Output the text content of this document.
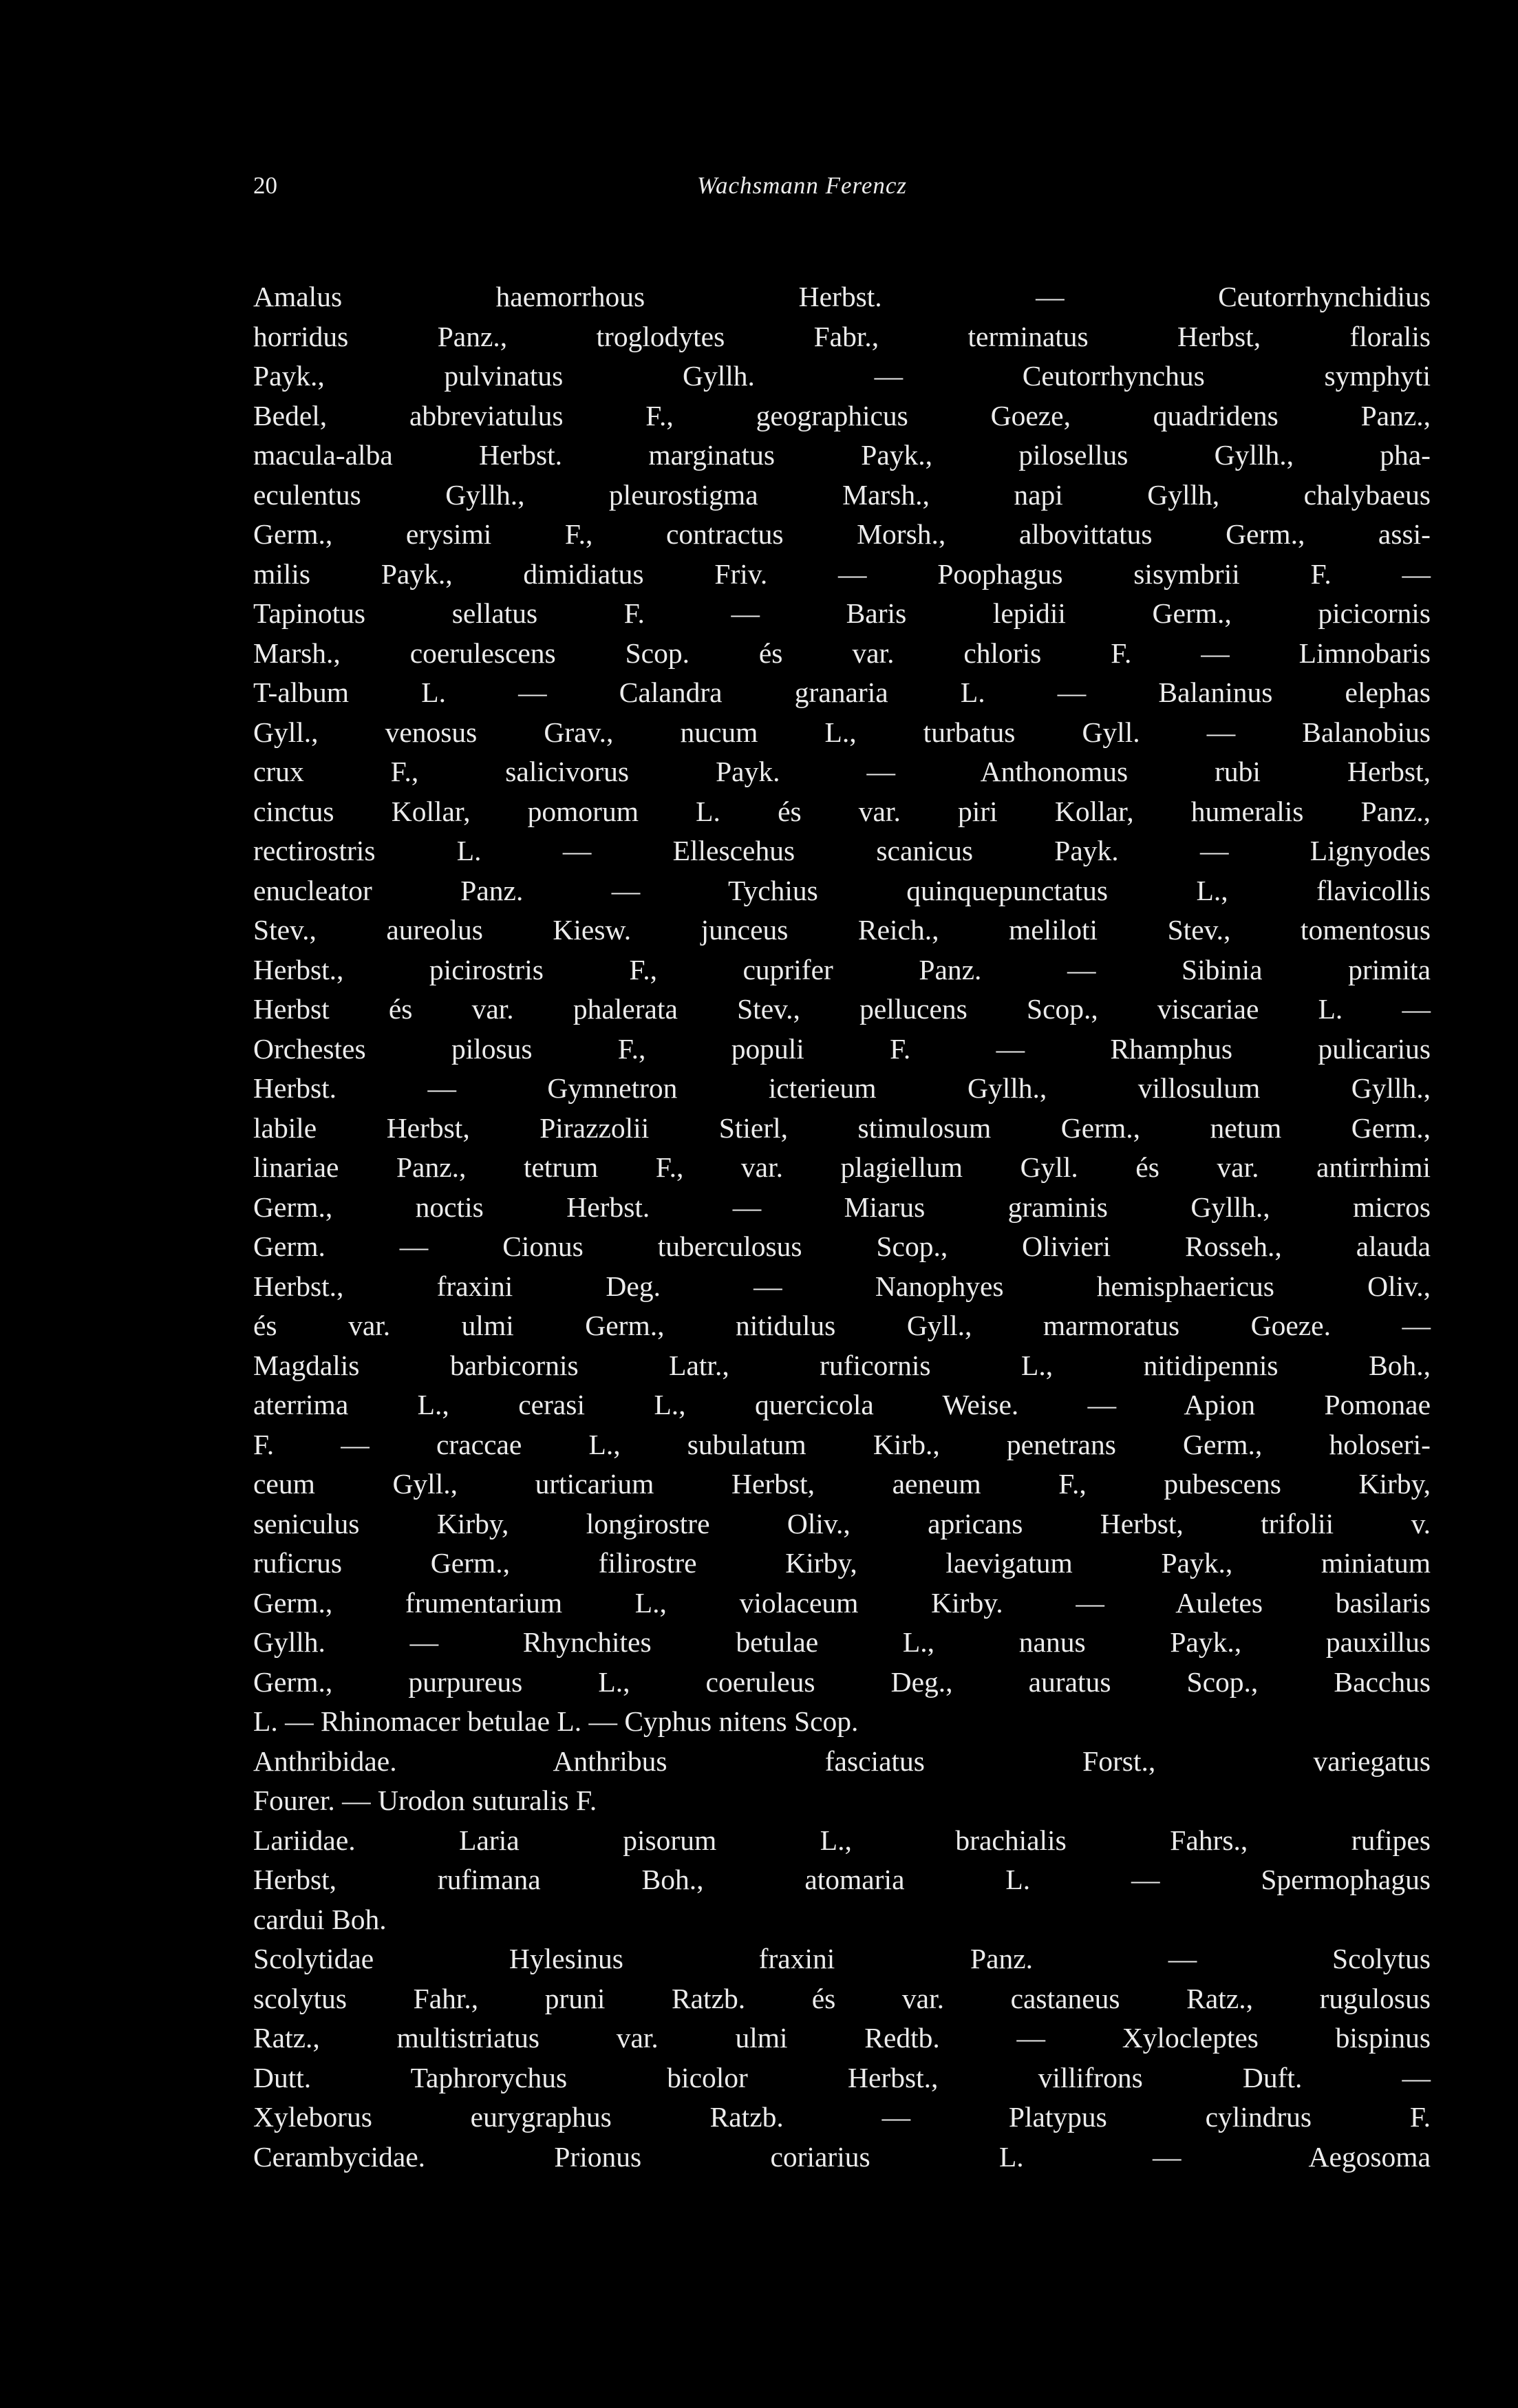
20	Wachsmann Ferencz
Amalus haemorrhous Herbst. — Ceutorrhynchidius
horridus Panz., troglodytes Fabr., terminatus Herbst, floralis
Payk., pulvinatus Gyllh. — Ceutorrhynchus symphyti
Bedel, abbreviatulus F., geographicus Goeze, quadridens Panz.,
macula-alba Herbst. marginatus Payk., pilosellus Gyllh., pha-
eculentus Gyllh., pleurostigma Marsh., napi Gyllh, chalybaeus
Germ., erysimi F., contractus Morsh., albovittatus Germ., assi-
milis Payk., dimidiatus Friv. — Poophagus sisymbrii F. —
Tapinotus sellatus F. — Baris lepidii Germ., picicornis
Marsh., coerulescens Scop. és var. chloris F. — Limnobaris
T-album L. — Calandra granaria L. — Balaninus elephas
Gyll., venosus Grav., nucum L., turbatus Gyll. — Balanobius
crux F., salicivorus Payk. — Anthonomus rubi Herbst,
cinctus Kollar, pomorum L. és var. piri Kollar, humeralis Panz.,
rectirostris L. — Ellescehus scanicus Payk. — Lignyodes
enucleator Panz. — Tychius quinquepunctatus L., flavicollis
Stev., aureolus Kiesw. junceus Reich., meliloti Stev., tomentosus
Herbst., picirostris F., cuprifer Panz. — Sibinia primita
Herbst és var. phalerata Stev., pellucens Scop., viscariae L. —
Orchestes pilosus F., populi F. — Rhamphus pulicarius
Herbst. — Gymnetron icterieum Gyllh., villosulum Gyllh.,
labile Herbst, Pirazzolii Stierl, stimulosum Germ., netum Germ.,
linariae Panz., tetrum F., var. plagiellum Gyll. és var. antirrhimi
Germ., noctis Herbst. — Miarus graminis Gyllh., micros
Germ. — Cionus tuberculosus Scop., Olivieri Rosseh., alauda
Herbst., fraxini Deg. — Nanophyes hemisphaericus Oliv.,
és var. ulmi Germ., nitidulus Gyll., marmoratus Goeze. —
Magdalis barbicornis Latr., ruficornis L., nitidipennis Boh.,
aterrima L., cerasi L., quercicola Weise. — Apion Pomonae
F. — craccae L., subulatum Kirb., penetrans Germ., holoseri-
ceum Gyll., urticarium Herbst, aeneum F., pubescens Kirby,
seniculus Kirby, longirostre Oliv., apricans Herbst, trifolii v.
ruficrus Germ., filirostre Kirby, laevigatum Payk., miniatum
Germ., frumentarium L., violaceum Kirby. — Auletes basilaris
Gyllh. — Rhynchites betulae L., nanus Payk., pauxillus
Germ., purpureus L., coeruleus Deg., auratus Scop., Bacchus
L. — Rhinomacer betulae L. — Cyphus nitens Scop.
Anthribidae. Anthribus fasciatus Forst., variegatus
Fourer. — Urodon suturalis F.
Lariidae. Laria pisorum L., brachialis Fahrs., rufipes
Herbst, rufimana Boh., atomaria L. — Spermophagus
cardui Boh.
Scolytidae Hylesinus fraxini Panz. — Scolytus
scolytus Fahr., pruni Ratzb. és var. castaneus Ratz., rugulosus
Ratz., multistriatus var. ulmi Redtb. — Xylocleptes bispinus
Dutt. Taphrorychus bicolor Herbst., villifrons Duft. —
Xyleborus eurygraphus Ratzb. — Platypus cylindrus F.
Cerambycidae. Prionus coriarius L. — Aegosoma
